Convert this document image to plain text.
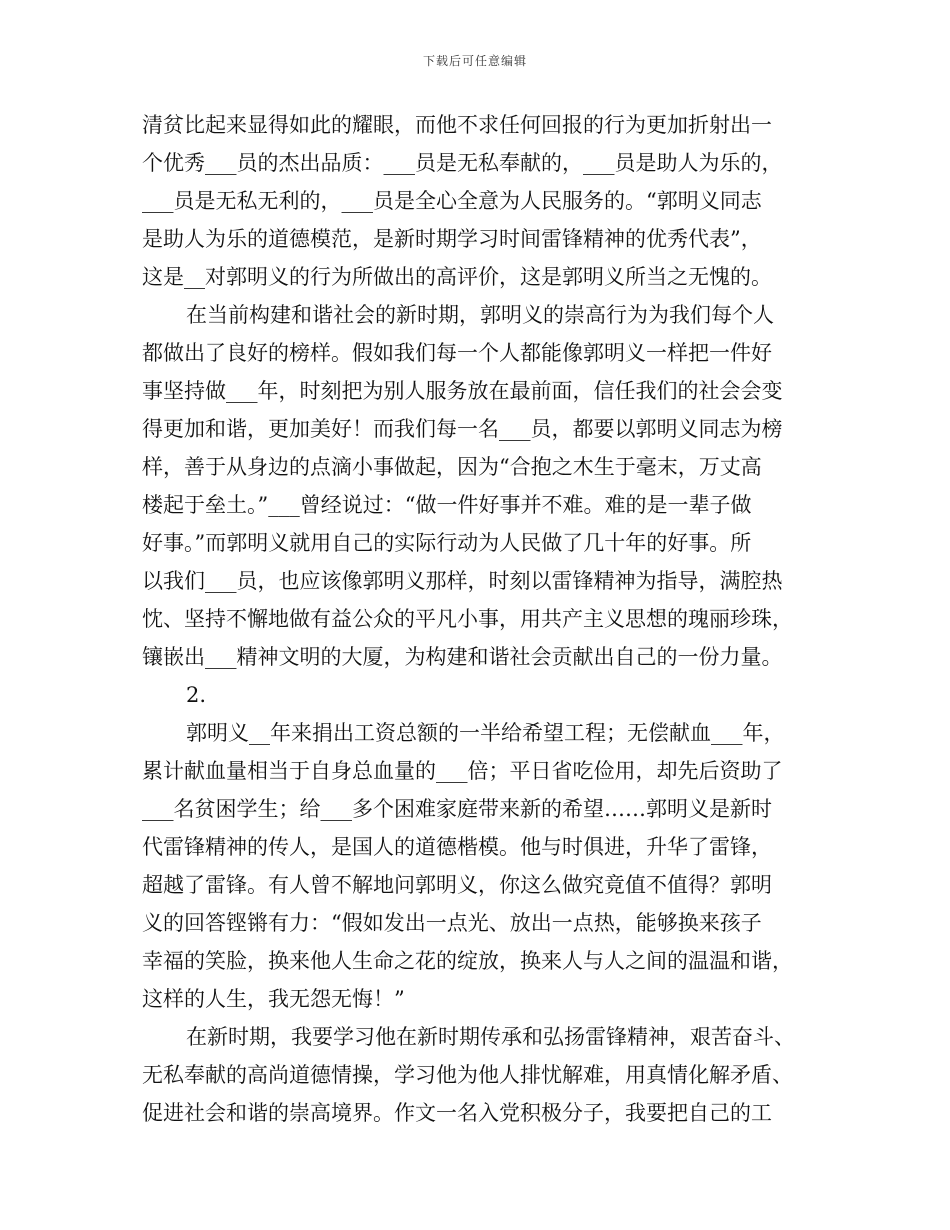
下载后可任意编辑
清贫比起来显得如此的耀眼，而他不求任何回报的行为更加折射出一
个优秀___员的杰出品质：___员是无私奉献的，___员是助人为乐的，
___员是无私无利的，___员是全心全意为人民服务的。“郭明义同志
是助人为乐的道德模范，是新时期学习时间雷锋精神的优秀代表”，
这是__对郭明义的行为所做出的高评价，这是郭明义所当之无愧的。
在当前构建和谐社会的新时期，郭明义的崇高行为为我们每个人
都做出了良好的榜样。假如我们每一个人都能像郭明义一样把一件好
事坚持做___年，时刻把为别人服务放在最前面，信任我们的社会会变
得更加和谐，更加美好！而我们每一名___员，都要以郭明义同志为榜
样，善于从身边的点滴小事做起，因为“合抱之木生于毫末，万丈高
楼起于垒土。”___曾经说过：“做一件好事并不难。难的是一辈子做
好事。”而郭明义就用自己的实际行动为人民做了几十年的好事。所
以我们___员，也应该像郭明义那样，时刻以雷锋精神为指导，满腔热
忱、坚持不懈地做有益公众的平凡小事，用共产主义思想的瑰丽珍珠，
镶嵌出___精神文明的大厦，为构建和谐社会贡献出自己的一份力量。
2.
郭明义__年来捐出工资总额的一半给希望工程；无偿献血___年，
累计献血量相当于自身总血量的___倍；平日省吃俭用，却先后资助了
___名贫困学生；给___多个困难家庭带来新的希望……郭明义是新时
代雷锋精神的传人，是国人的道德楷模。他与时俱进，升华了雷锋，
超越了雷锋。有人曾不解地问郭明义，你这么做究竟值不值得？郭明
义的回答铿锵有力：“假如发出一点光、放出一点热，能够换来孩子
幸福的笑脸，换来他人生命之花的绽放，换来人与人之间的温温和谐，
这样的人生，我无怨无悔！”
在新时期，我要学习他在新时期传承和弘扬雷锋精神，艰苦奋斗、
无私奉献的高尚道德情操，学习他为他人排忧解难，用真情化解矛盾、
促进社会和谐的崇高境界。作文一名入党积极分子，我要把自己的工
